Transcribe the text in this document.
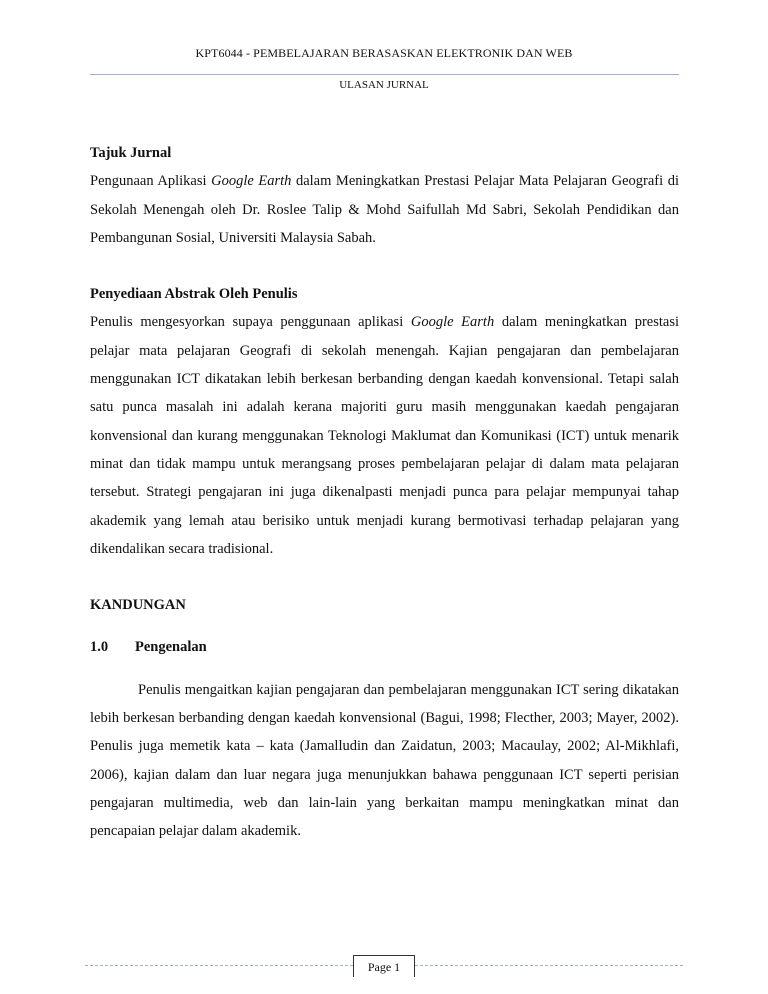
KPT6044 - PEMBELAJARAN BERASASKAN ELEKTRONIK DAN WEB
ULASAN JURNAL

Tajuk Jurnal

Pengunaan Aplikasi Google Earth dalam Meningkatkan Prestasi Pelajar Mata Pelajaran Geografi di Sekolah Menengah oleh Dr. Roslee Talip & Mohd Saifullah Md Sabri, Sekolah Pendidikan dan Pembangunan Sosial, Universiti Malaysia Sabah.

Penyediaan Abstrak Oleh Penulis

Penulis mengesyorkan supaya penggunaan aplikasi Google Earth dalam meningkatkan prestasi pelajar mata pelajaran Geografi di sekolah menengah. Kajian pengajaran dan pembelajaran menggunakan ICT dikatakan lebih berkesan berbanding dengan kaedah konvensional. Tetapi salah satu punca masalah ini adalah kerana majoriti guru masih menggunakan kaedah pengajaran konvensional dan kurang menggunakan Teknologi Maklumat dan Komunikasi (ICT) untuk menarik minat dan tidak mampu untuk merangsang proses pembelajaran pelajar di dalam mata pelajaran tersebut. Strategi pengajaran ini juga dikenalpasti menjadi punca para pelajar mempunyai tahap akademik yang lemah atau berisiko untuk menjadi kurang bermotivasi terhadap pelajaran yang dikendalikan secara tradisional.

KANDUNGAN

1.0	Pengenalan

Penulis mengaitkan kajian pengajaran dan pembelajaran menggunakan ICT sering dikatakan lebih berkesan berbanding dengan kaedah konvensional (Bagui, 1998; Flecther, 2003; Mayer, 2002). Penulis juga memetik kata – kata (Jamalludin dan Zaidatun, 2003; Macaulay, 2002; Al-Mikhlafi, 2006), kajian dalam dan luar negara juga menunjukkan bahawa penggunaan ICT seperti perisian pengajaran multimedia, web dan lain-lain yang berkaitan mampu meningkatkan minat dan pencapaian pelajar dalam akademik.

Page 1
